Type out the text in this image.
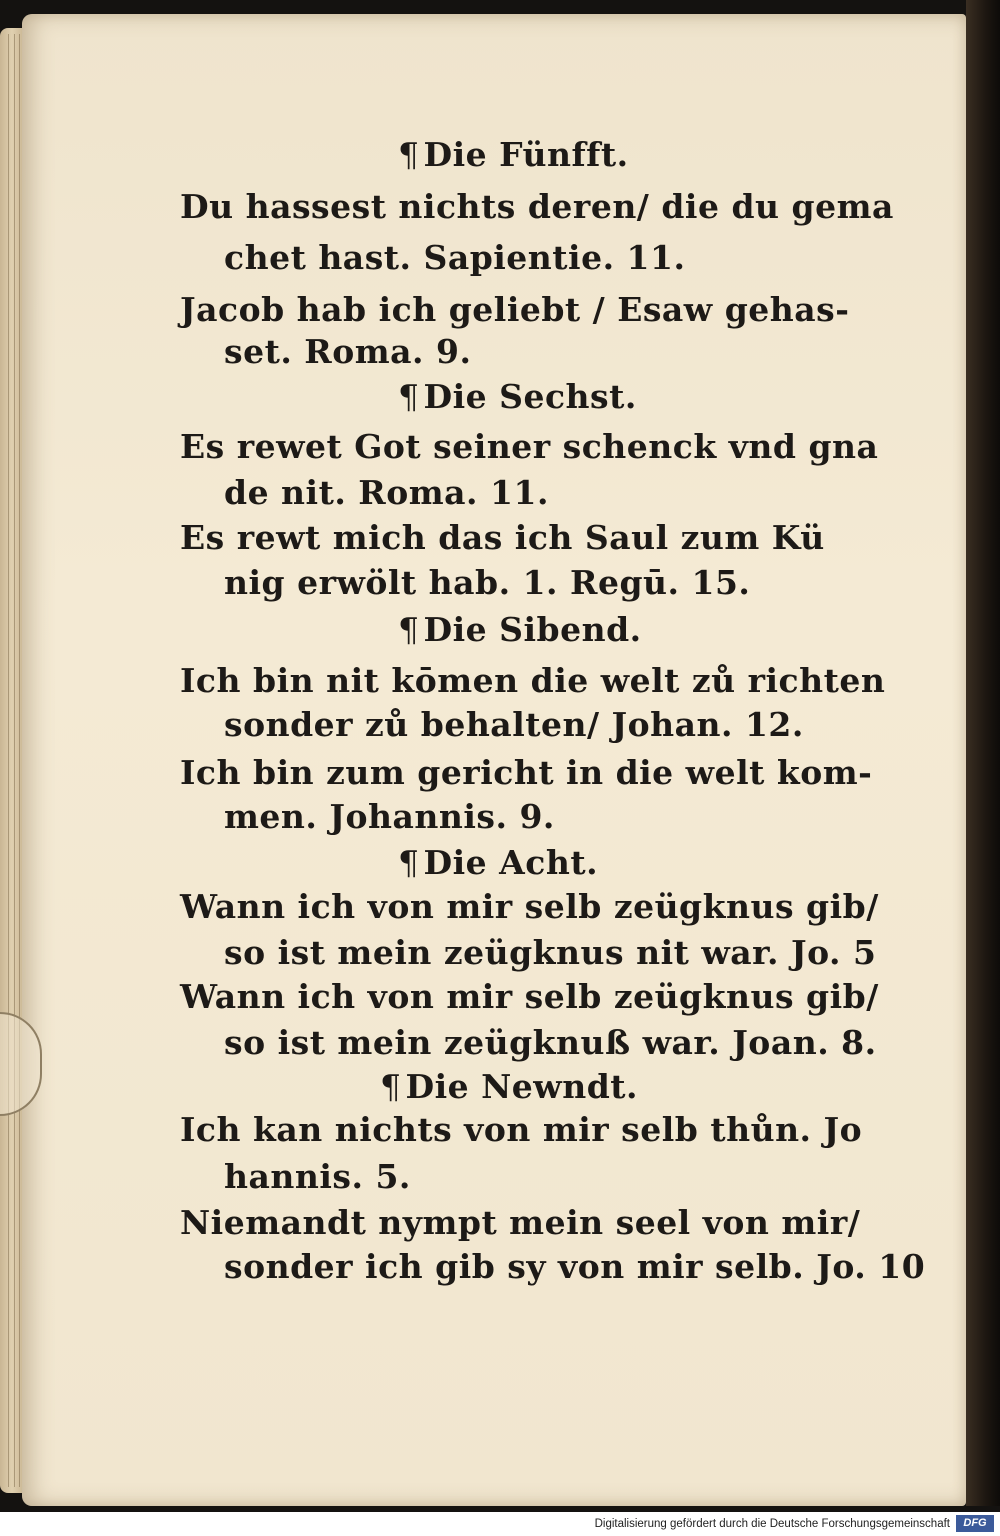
¶ Die Fünfft.
Du hassest nichts deren/ die du gema
chet hast. Sapientie. 11.
Jacob hab ich geliebt / Esaw gehas-
set. Roma. 9.
¶ Die Sechst.
Es rewet Got seiner schenck vnd gna
de nit. Roma. 11.
Es rewt mich das ich Saul zum Kü
nig erwölt hab. 1. Regū. 15.
¶ Die Sibend.
Ich bin nit kōmen die welt zů richten
sonder zů behalten/ Johan. 12.
Ich bin zum gericht in die welt kom-
men. Johannis. 9.
¶ Die Acht.
Wann ich von mir selb zeügknus gib/
so ist mein zeügknus nit war. Jo. 5
Wann ich von mir selb zeügknus gib/
so ist mein zeügknuß war. Joan. 8.
¶ Die Newndt.
Ich kan nichts von mir selb thůn. Jo
hannis. 5.
Niemandt nympt mein seel von mir/
sonder ich gib sy von mir selb. Jo. 10
Digitalisierung gefördert durch die Deutsche Forschungsgemeinschaft	DFG
